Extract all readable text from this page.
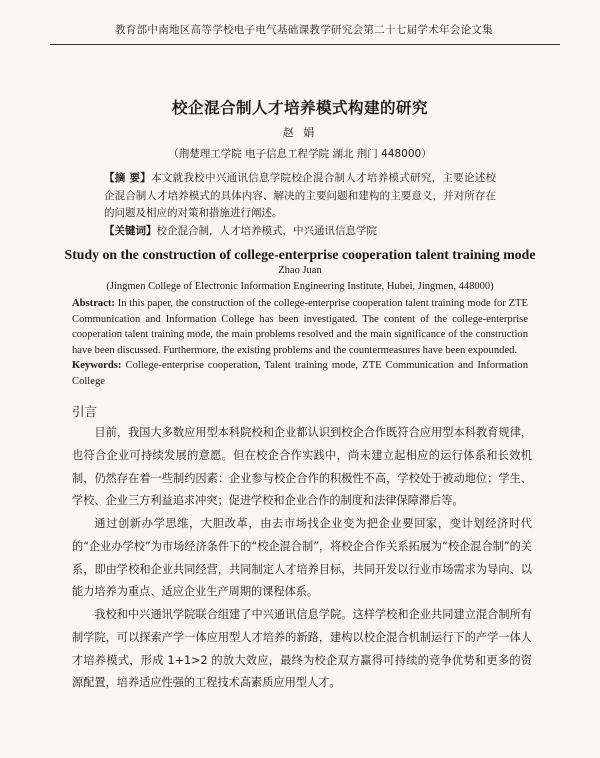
教育部中南地区高等学校电子电气基础课教学研究会第二十七届学术年会论文集
校企混合制人才培养模式构建的研究
赵 娟
（荆楚理工学院 电子信息工程学院 湖北 荆门 448000）
【摘 要】本文就我校中兴通讯信息学院校企混合制人才培养模式研究，主要论述校企混合制人才培养模式的具体内容、解决的主要问题和建构的主要意义，并对所存在的问题及相应的对策和措施进行阐述。
【关键词】校企混合制，人才培养模式，中兴通讯信息学院
Study on the construction of college-enterprise cooperation talent training mode
Zhao Juan
(Jingmen College of Electronic Information Engineering Institute, Hubei, Jingmen, 448000)
Abstract: In this paper, the construction of the college-enterprise cooperation talent training mode for ZTE Communication and Information College has been investigated. The content of the college-enterprise cooperation talent training mode, the main problems resolved and the main significance of the construction have been discussed. Furthermore, the existing problems and the countermeasures have been expounded.
Keywords: College-enterprise cooperation, Talent training mode, ZTE Communication and Information College
引言

目前，我国大多数应用型本科院校和企业都认识到校企合作既符合应用型本科教育规律，也符合企业可持续发展的意愿。但在校企合作实践中，尚未建立起相应的运行体系和长效机制，仍然存在着一些制约因素：企业参与校企合作的积极性不高，学校处于被动地位；学生、学校、企业三方利益追求冲突；促进学校和企业合作的制度和法律保障滞后等。

通过创新办学思维，大胆改革，由去市场找企业变为把企业要回家，变计划经济时代的“企业办学校”为市场经济条件下的“校企混合制”，将校企合作关系拓展为“校企混合制”的关系，即由学校和企业共同经营，共同制定人才培养目标，共同开发以行业市场需求为导向、以能力培养为重点、适应企业生产周期的课程体系。

我校和中兴通讯学院联合组建了中兴通讯信息学院。这样学校和企业共同建立混合制所有制学院，可以探索产学一体应用型人才培养的新路，建构以校企混合机制运行下的产学一体人才培养模式，形成 1+1>2 的放大效应，最终为校企双方赢得可持续的竞争优势和更多的资源配置，培养适应性强的工程技术高素质应用型人才。
